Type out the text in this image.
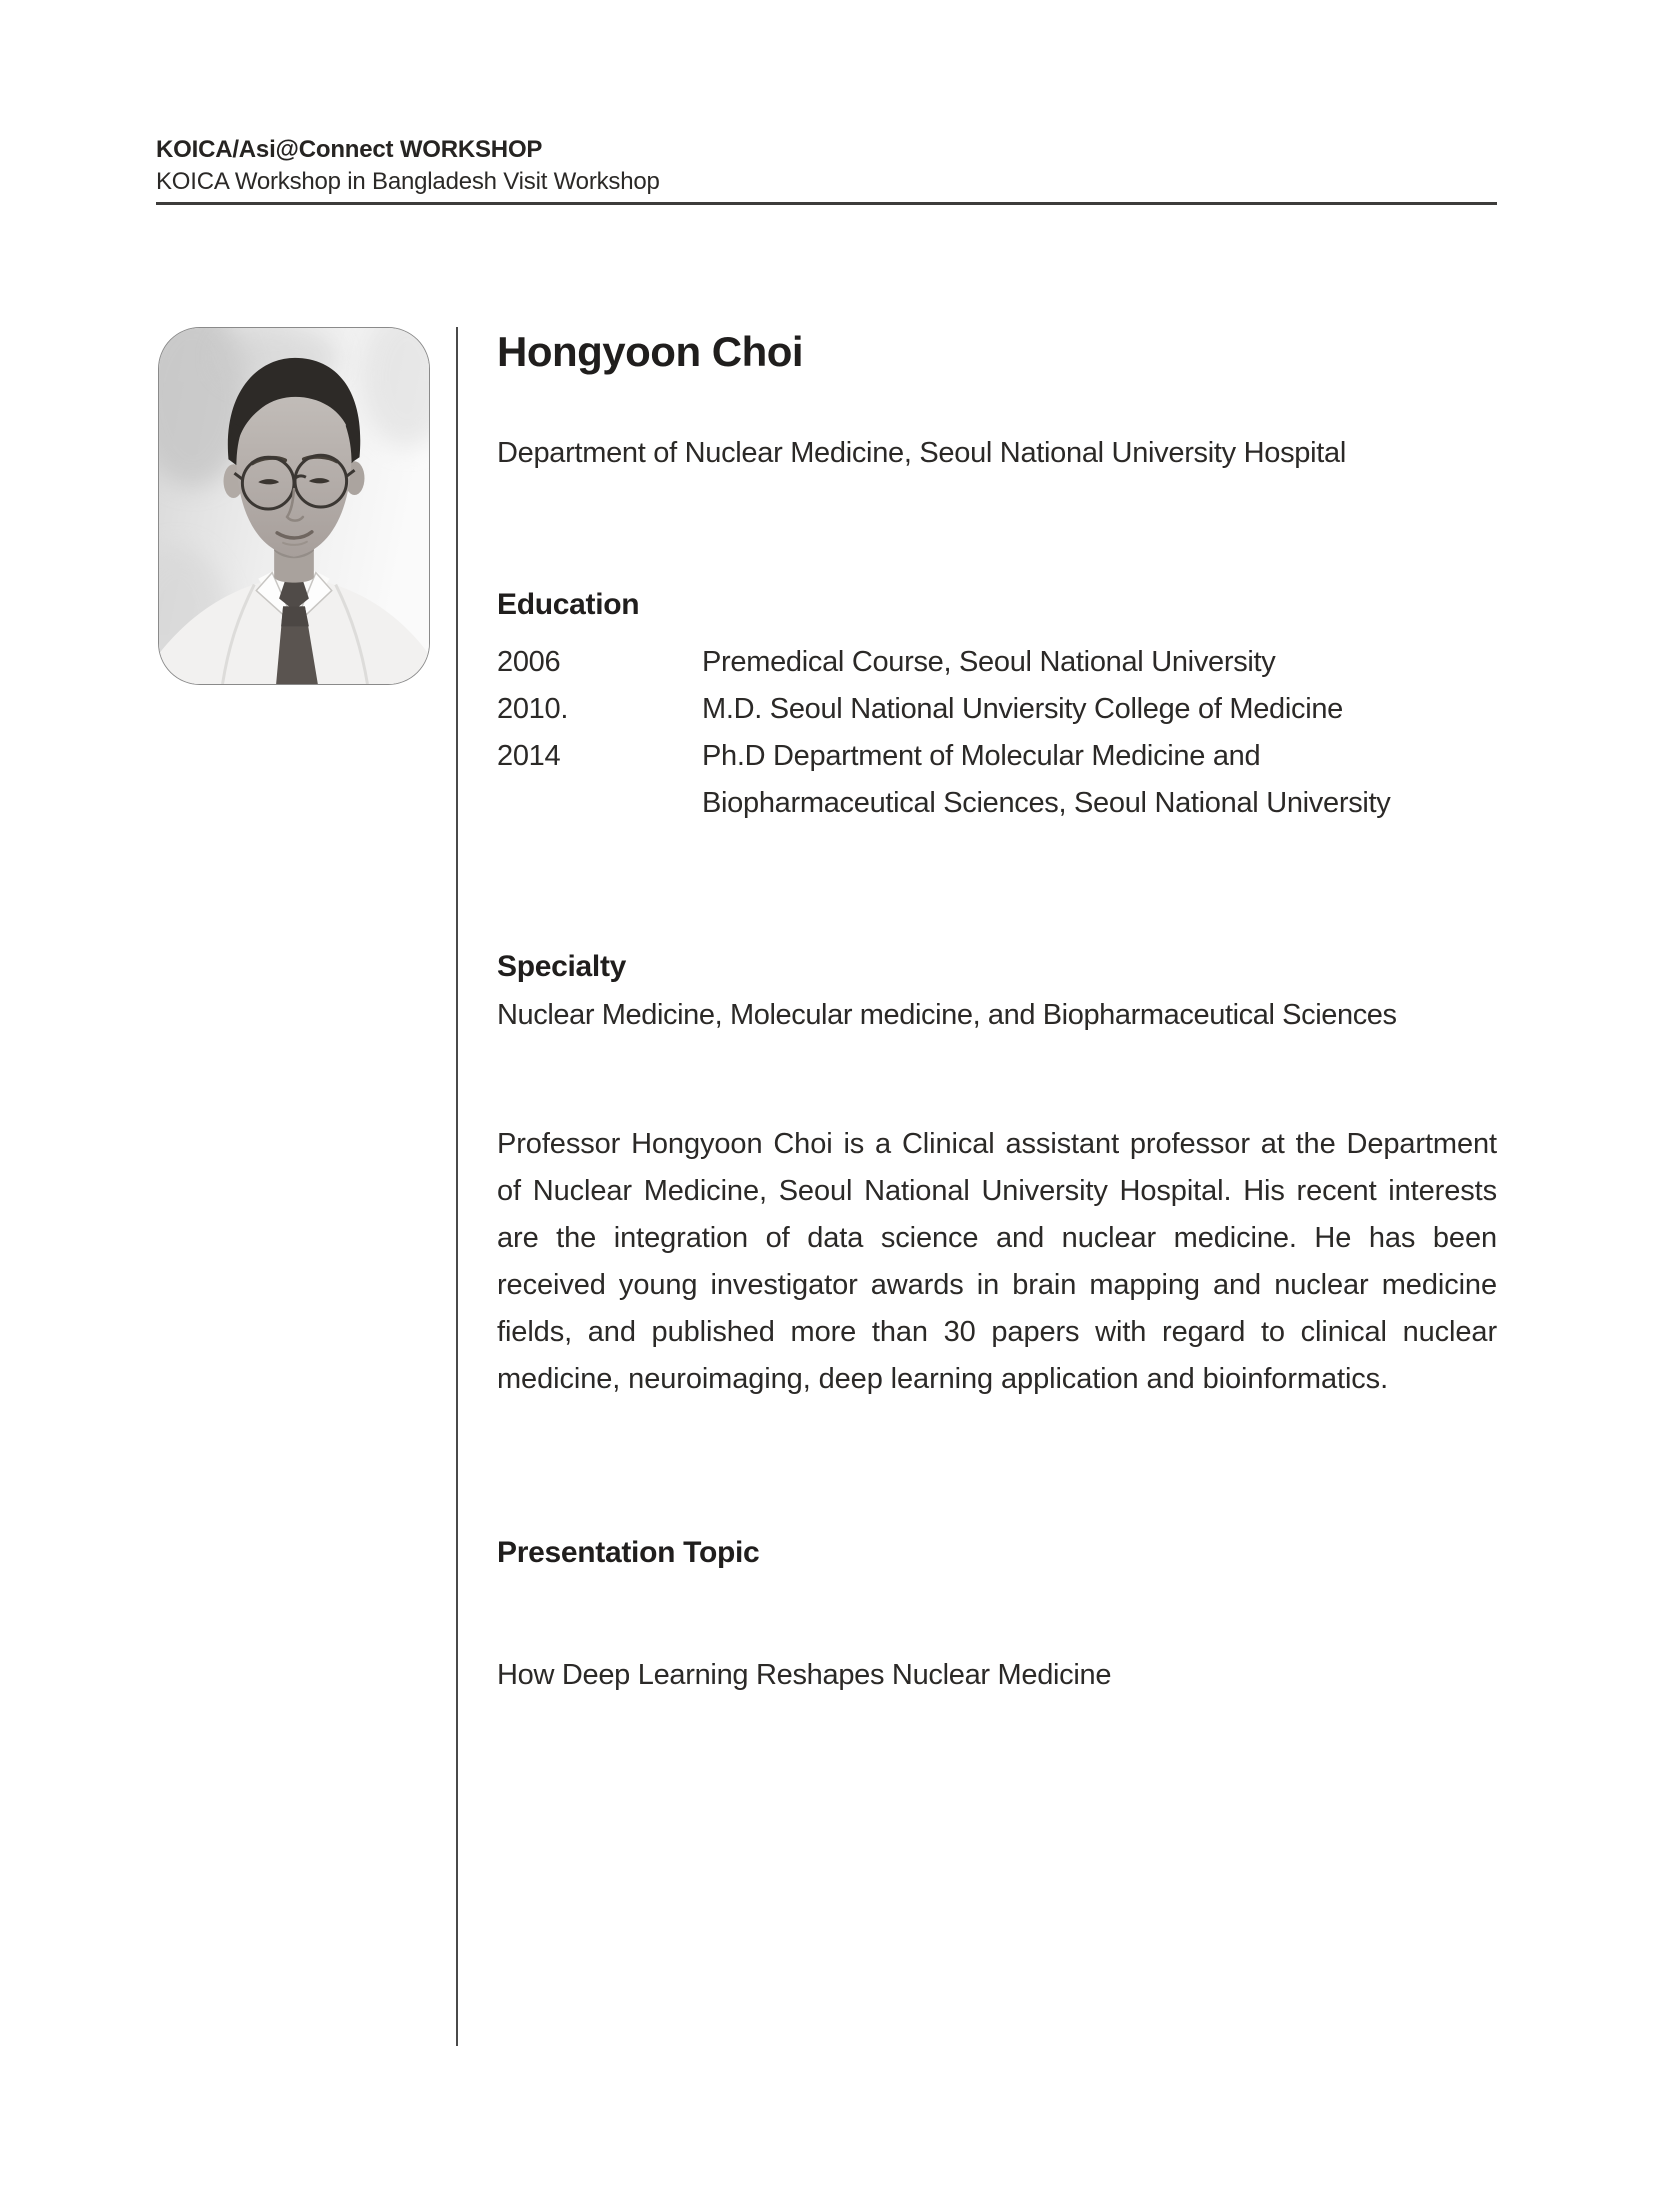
KOICA/Asi@Connect WORKSHOP
KOICA Workshop in Bangladesh Visit Workshop
Hongyoon Choi
Department of Nuclear Medicine, Seoul National University Hospital
Education
2006	Premedical Course, Seoul National University
2010.	M.D. Seoul National Unviersity College of Medicine
2014	Ph.D Department of Molecular Medicine and
Biopharmaceutical Sciences, Seoul National University
Specialty
Nuclear Medicine, Molecular medicine, and Biopharmaceutical Sciences
Professor Hongyoon Choi is a Clinical assistant professor at the Department of Nuclear Medicine, Seoul National University Hospital. His recent interests are the integration of data science and nuclear medicine. He has been received young investigator awards in brain mapping and nuclear medicine fields, and published more than 30 papers with regard to clinical nuclear medicine, neuroimaging, deep learning application and bioinformatics.
Presentation Topic
How Deep Learning Reshapes Nuclear Medicine
